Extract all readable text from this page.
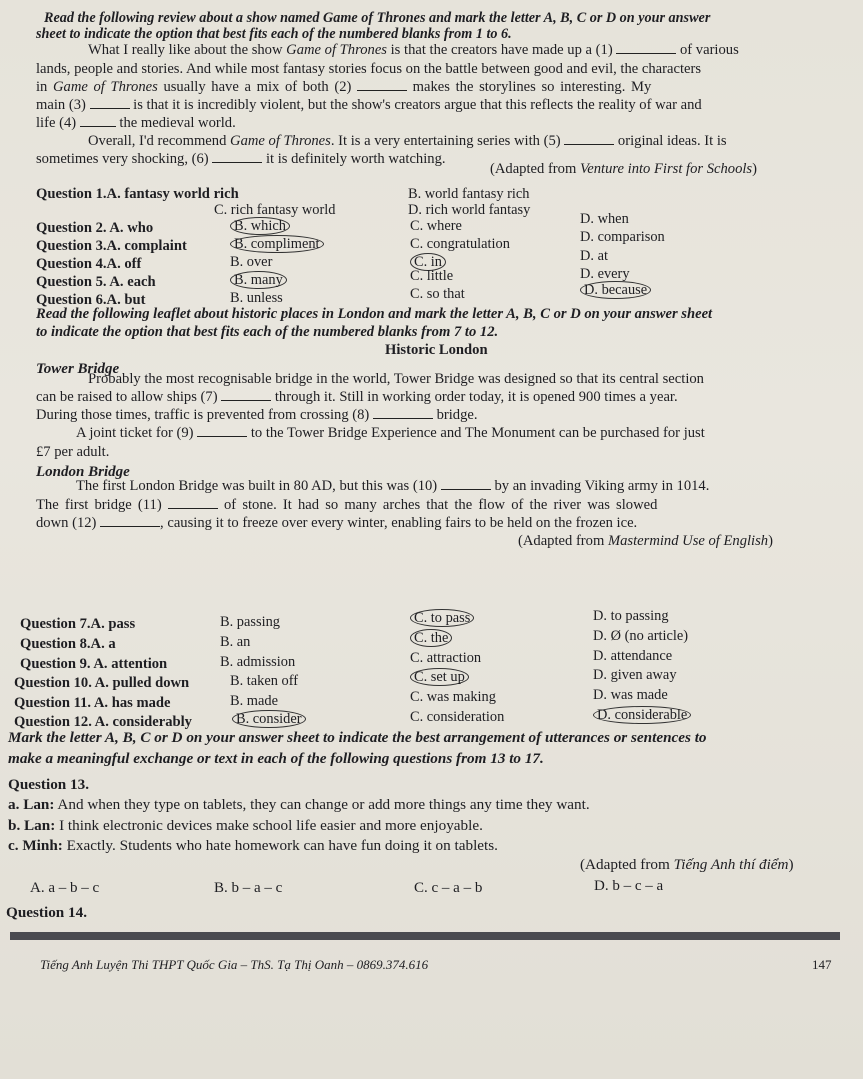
Read the following review about a show named Game of Thrones and mark the letter A, B, C or D on your answer
sheet to indicate the option that best fits each of the numbered blanks from 1 to 6.
What I really like about the show Game of Thrones is that the creators have made up a (1)	of various
lands, people and stories. And while most fantasy stories focus on the battle between good and evil, the characters
in Game of Thrones usually have a mix of both (2)	makes the storylines so interesting. My
main (3)	is that it is incredibly violent, but the show's creators argue that this reflects the reality of war and
life (4)  the medieval world.
Overall, I'd recommend Game of Thrones. It is a very entertaining series with (5)	original ideas. It is
sometimes very shocking, (6)	it is definitely worth watching.
(Adapted from Venture into First for Schools)
Question 1.A. fantasy world rich	B. world fantasy rich
C. rich fantasy world	D. rich world fantasy
Question 2. A. who	B. which	C. where	D. when
Question 3.A. complaint	B. compliment	C. congratulation	D. comparison
Question 4.A. off	B. over	C. in	D. at
Question 5. A. each	B. many	C. little	D. every
Question 6.A. but	B. unless	C. so that	D. because
Read the following leaflet about historic places in London and mark the letter A, B, C or D on your answer sheet
to indicate the option that best fits each of the numbered blanks from 7 to 12.
Historic London
Tower Bridge
Probably the most recognisable bridge in the world, Tower Bridge was designed so that its central section
can be raised to allow ships (7)	through it. Still in working order today, it is opened 900 times a year.
During those times, traffic is prevented from crossing (8)	bridge.
A joint ticket for (9)	to the Tower Bridge Experience and The Monument can be purchased for just
£7 per adult.
London Bridge
The first London Bridge was built in 80 AD, but this was (10)	by an invading Viking army in 1014.
The first bridge (11)	of stone. It had so many arches that the flow of the river was slowed
down (12)	, causing it to freeze over every winter, enabling fairs to be held on the frozen ice.
(Adapted from Mastermind Use of English)
Question 7.A. pass	B. passing	C. to pass	D. to passing
Question 8.A. a	B. an	C. the	D. Ø (no article)
Question 9. A. attention	B. admission	C. attraction	D. attendance
Question 10. A. pulled down	B. taken off	C. set up	D. given away
Question 11. A. has made	B. made	C. was making	D. was made
Question 12. A. considerably	B. consider	C. consideration	D. considerable
Mark the letter A, B, C or D on your answer sheet to indicate the best arrangement of utterances or sentences to
make a meaningful exchange or text in each of the following questions from 13 to 17.
Question 13.
a. Lan: And when they type on tablets, they can change or add more things any time they want.
b. Lan: I think electronic devices make school life easier and more enjoyable.
c. Minh: Exactly. Students who hate homework can have fun doing it on tablets.
(Adapted from Tiếng Anh thí điểm)
A. a – b – c	B. b – a – c	C. c – a – b	D. b – c – a
Question 14.
Tiếng Anh Luyện Thi THPT Quốc Gia – ThS. Tạ Thị Oanh – 0869.374.616	147
